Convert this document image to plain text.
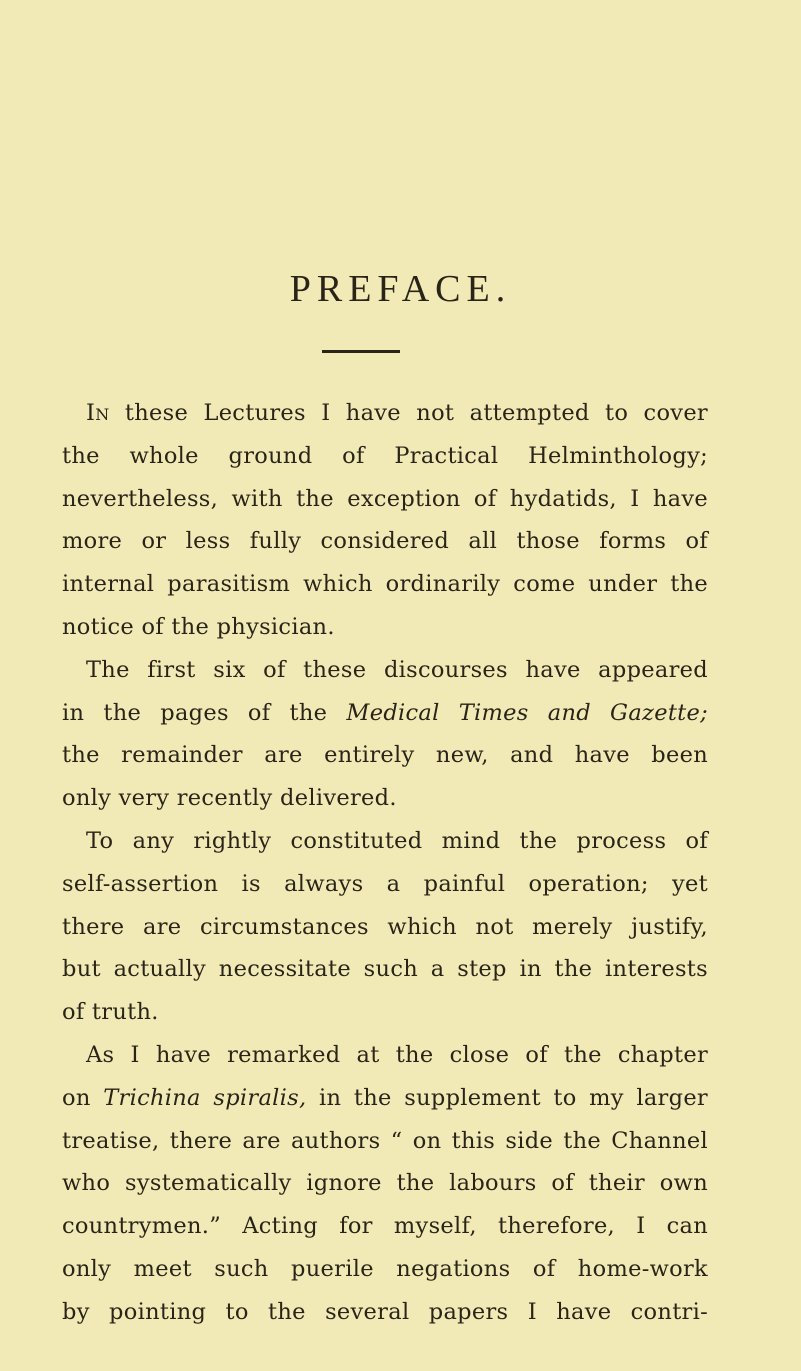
PREFACE.
In these Lectures I have not attempted to cover
the whole ground of Practical Helminthology;
nevertheless, with the exception of hydatids, I have
more or less fully considered all those forms of
internal parasitism which ordinarily come under the
notice of the physician.
The first six of these discourses have appeared
in the pages of the Medical Times and Gazette;
the remainder are entirely new, and have been
only very recently delivered.
To any rightly constituted mind the process of
self-assertion is always a painful operation; yet
there are circumstances which not merely justify,
but actually necessitate such a step in the interests
of truth.
As I have remarked at the close of the chapter
on Trichina spiralis, in the supplement to my larger
treatise, there are authors “ on this side the Channel
who systematically ignore the labours of their own
countrymen.” Acting for myself, therefore, I can
only meet such puerile negations of home-work
by pointing to the several papers I have contri-
